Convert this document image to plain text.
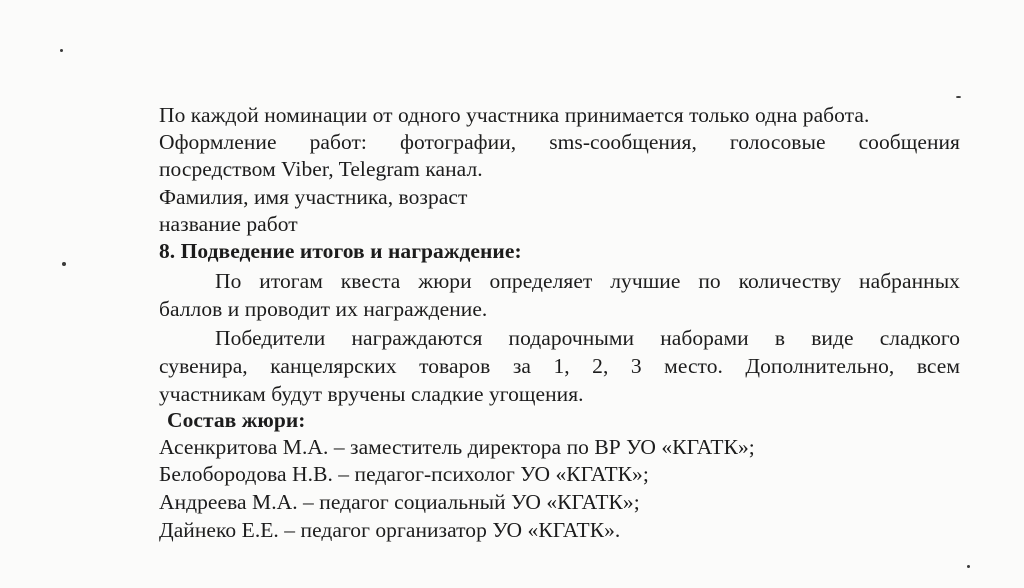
По каждой номинации от одного участника принимается только одна работа.
Оформление работ: фотографии, sms-сообщения, голосовые сообщения
посредством Viber, Telegram канал.
Фамилия, имя участника, возраст
название работ
8. Подведение итогов и награждение:
По итогам квеста жюри определяет лучшие по количеству набранных
баллов и проводит их награждение.
Победители награждаются подарочными наборами в виде сладкого
сувенира, канцелярских товаров за 1, 2, 3 место. Дополнительно, всем
участникам будут вручены сладкие угощения.
Состав жюри:
Асенкритова М.А. – заместитель директора по ВР УО «КГАТК»;
Белобородова Н.В. – педагог-психолог УО «КГАТК»;
Андреева М.А. – педагог социальный УО «КГАТК»;
Дайнеко Е.Е. – педагог организатор УО «КГАТК».
